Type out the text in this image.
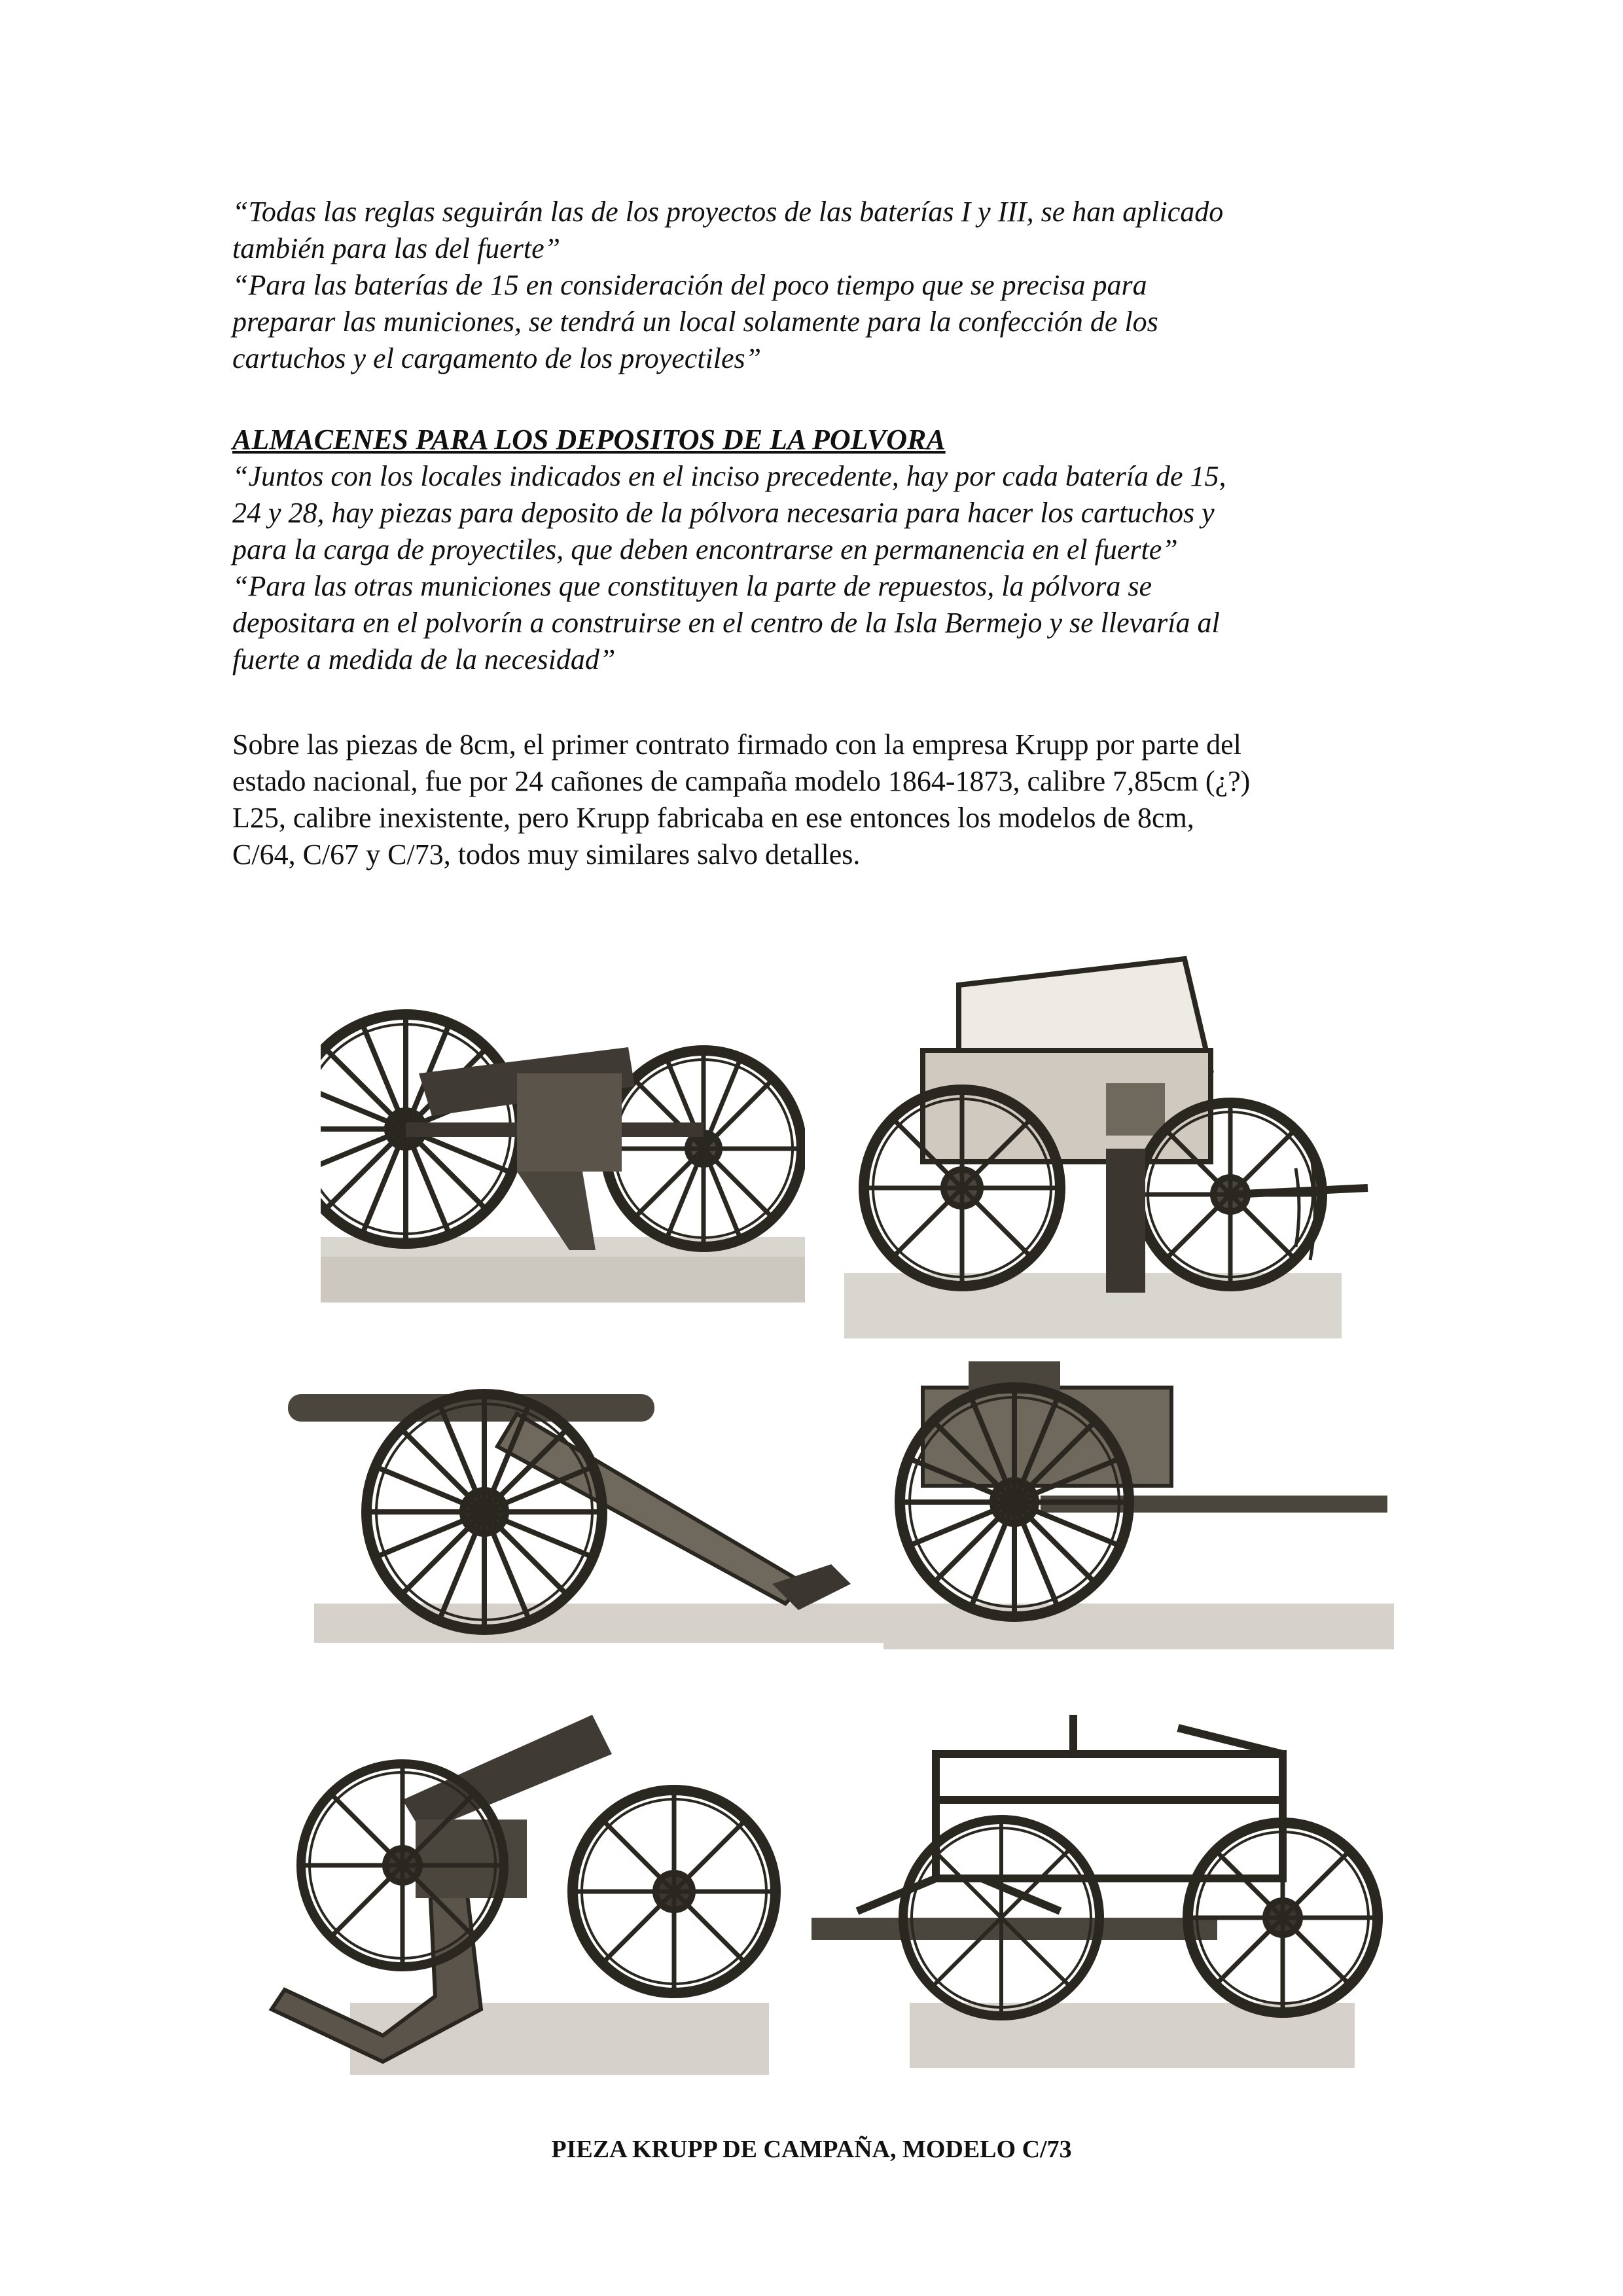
“Todas las reglas seguirán las de los proyectos de las baterías I y III, se han aplicado
también para las del fuerte”
“Para las baterías de 15 en consideración del poco tiempo que se precisa para
preparar las municiones, se tendrá un local solamente para la confección de los
cartuchos y el cargamento de los proyectiles”
ALMACENES PARA LOS DEPOSITOS DE LA POLVORA
“Juntos con los locales indicados en el inciso precedente, hay por cada batería de 15,
24 y 28, hay piezas para deposito de la pólvora necesaria para hacer los cartuchos y
para la carga de proyectiles, que deben encontrarse en permanencia en el fuerte”
“Para las otras municiones que constituyen la parte de repuestos, la pólvora se
depositara en el polvorín a construirse en el centro de la Isla Bermejo y se llevaría al
fuerte a medida de la necesidad”
Sobre las piezas de 8cm, el primer contrato firmado con la empresa Krupp por parte del
estado nacional, fue por 24 cañones de campaña modelo 1864-1873, calibre 7,85cm (¿?)
L25, calibre inexistente, pero Krupp fabricaba en ese entonces los modelos de 8cm,
C/64, C/67 y C/73, todos muy similares salvo detalles.
PIEZA KRUPP DE CAMPAÑA, MODELO C/73
